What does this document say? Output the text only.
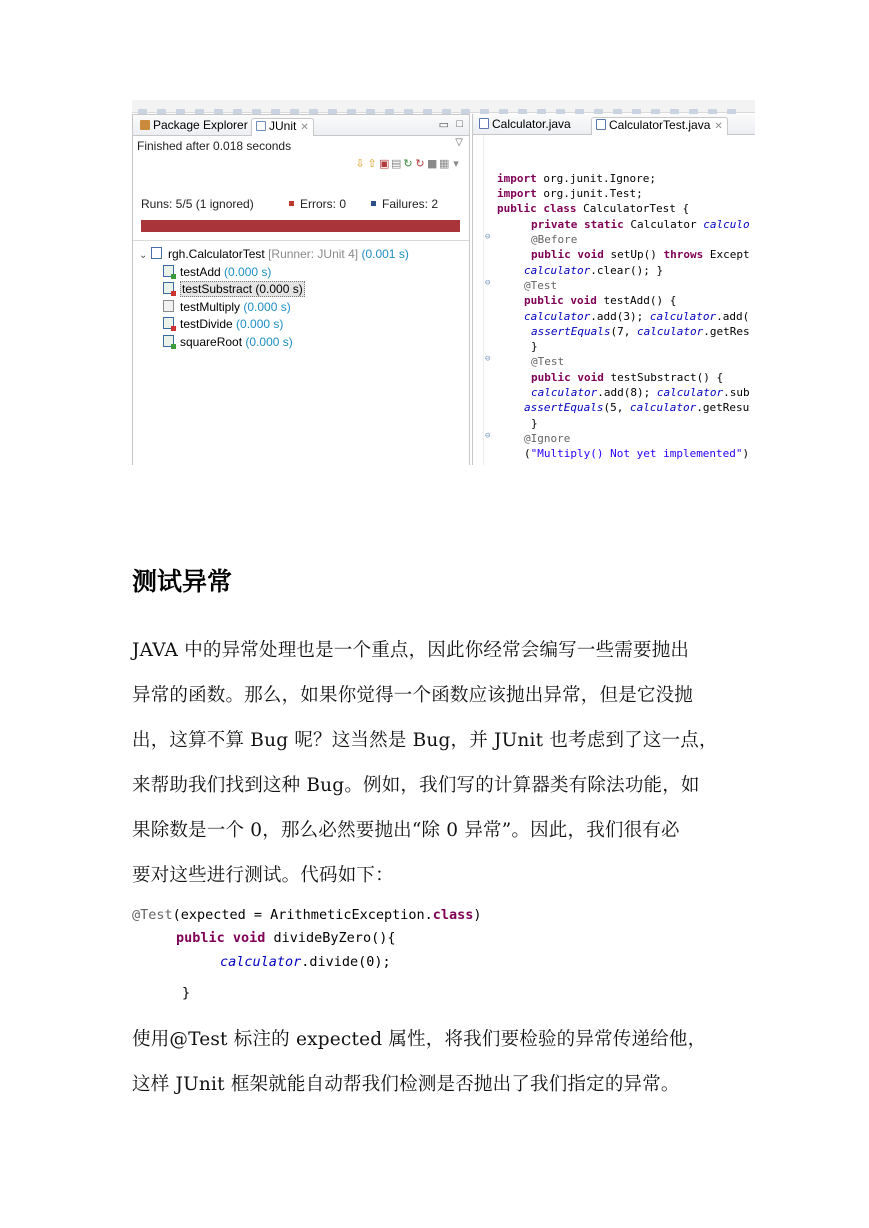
Package Explorer	JUnit ✕	▭ □
Finished after 0.018 seconds	▽
⇩⇧▣▤↻↻■▦ ▾
Runs: 5/5 (1 ignored)	Errors: 0	Failures: 2
⌄ rgh.CalculatorTest [Runner: JUnit 4] (0.001 s)
testAdd (0.000 s)
testSubstract (0.000 s)
testMultiply (0.000 s)
testDivide (0.000 s)
squareRoot (0.000 s)
Calculator.java	CalculatorTest.java ✕
import org.junit.Ignore;
import org.junit.Test;
public class CalculatorTest {
private static Calculator calculo
⊖	@Before
public void setUp() throws Except
calculator.clear(); }
⊖	@Test
public void testAdd() {
calculator.add(3); calculator.add(
assertEquals(7, calculator.getRes
}
⊖	@Test
public void testSubstract() {
calculator.add(8); calculator.sub
assertEquals(5, calculator.getResu
}
⊖	@Ignore
("Multiply() Not yet implemented")
测试异常
JAVA 中的异常处理也是一个重点，因此你经常会编写一些需要抛出
异常的函数。那么，如果你觉得一个函数应该抛出异常，但是它没抛
出，这算不算 Bug 呢？这当然是 Bug，并 JUnit 也考虑到了这一点，
来帮助我们找到这种 Bug。例如，我们写的计算器类有除法功能，如
果除数是一个 0，那么必然要抛出“除 0 异常”。因此，我们很有必
要对这些进行测试。代码如下：
@Test(expected = ArithmeticException.class)
public void divideByZero(){
calculator.divide(0);
}
使用@Test 标注的 expected 属性，将我们要检验的异常传递给他，
这样 JUnit 框架就能自动帮我们检测是否抛出了我们指定的异常。
